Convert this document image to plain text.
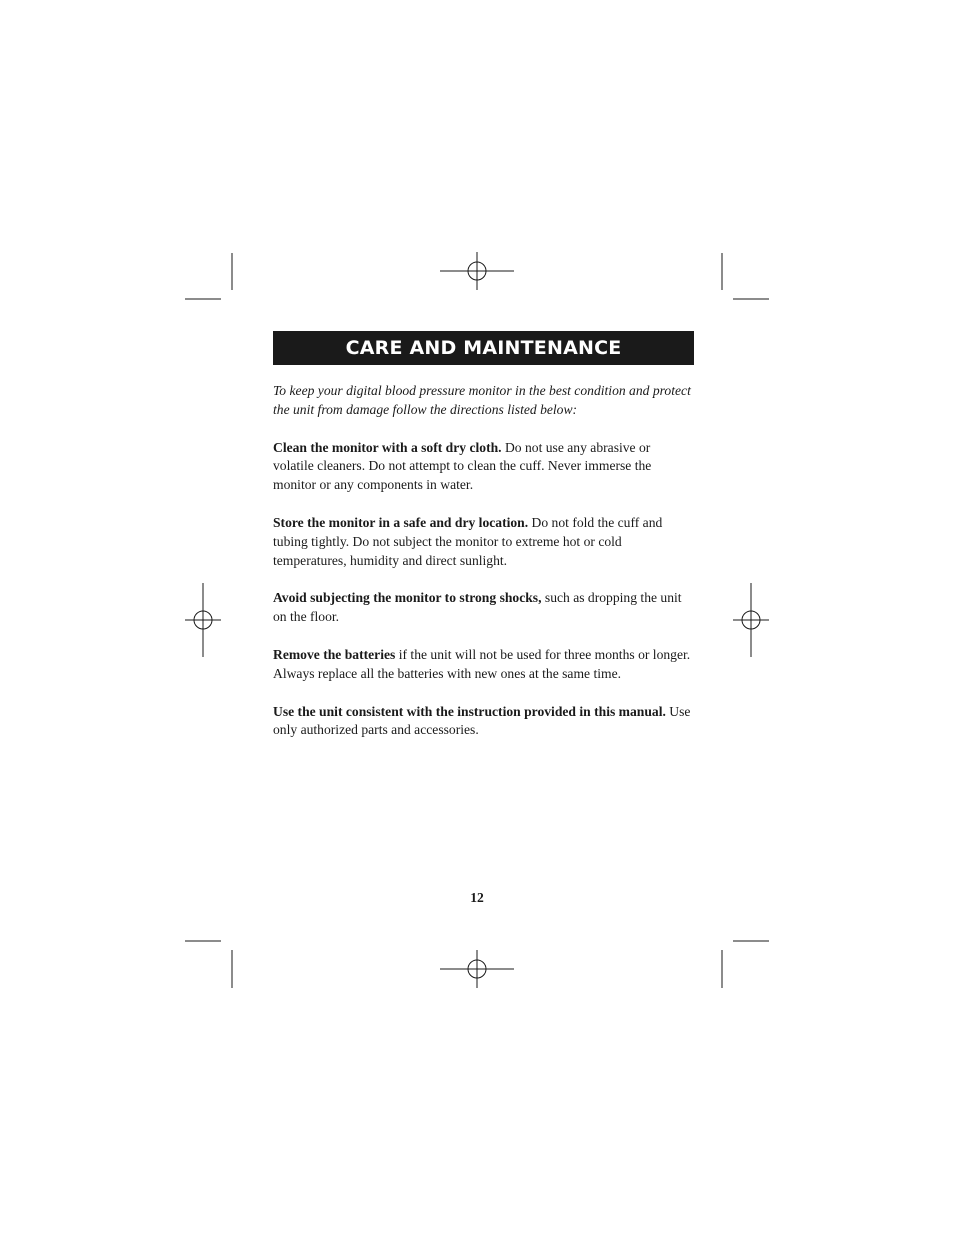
CARE AND MAINTENANCE

To keep your digital blood pressure monitor in the best condition and protect the unit from damage follow the directions listed below:

Clean the monitor with a soft dry cloth. Do not use any abrasive or volatile cleaners. Do not attempt to clean the cuff. Never immerse the monitor or any components in water.

Store the monitor in a safe and dry location. Do not fold the cuff and tubing tightly. Do not subject the monitor to extreme hot or cold temperatures, humidity and direct sunlight.

Avoid subjecting the monitor to strong shocks, such as dropping the unit on the floor.

Remove the batteries if the unit will not be used for three months or longer. Always replace all the batteries with new ones at the same time.

Use the unit consistent with the instruction provided in this manual. Use only authorized parts and accessories.

12
